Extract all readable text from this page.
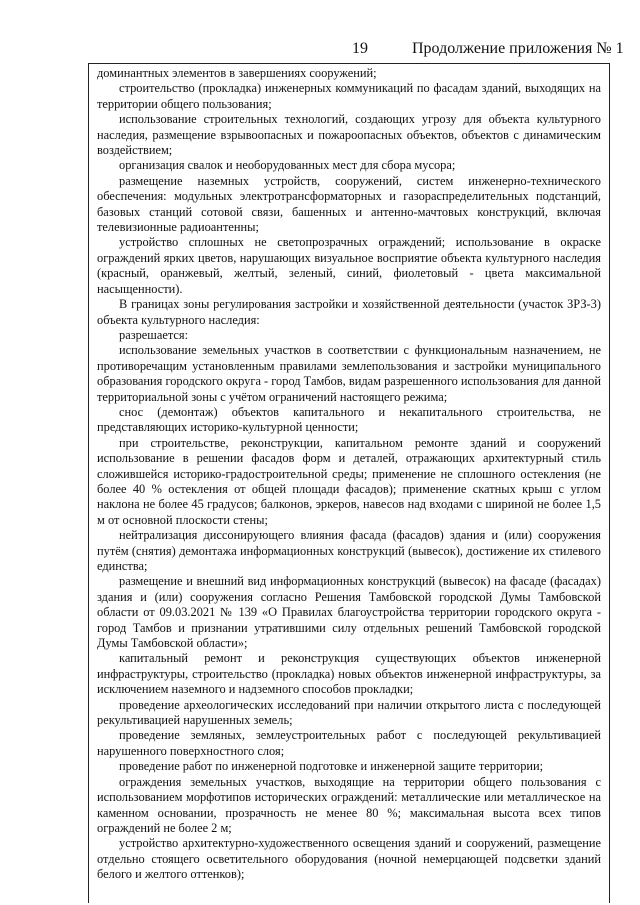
19	Продолжение приложения № 1

доминантных элементов в завершениях сооружений;

строительство (прокладка) инженерных коммуникаций по фасадам зданий, выходящих на территории общего пользования;

использование строительных технологий, создающих угрозу для объекта культурного наследия, размещение взрывоопасных и пожароопасных объектов, объектов с динамическим воздействием;

организация свалок и необорудованных мест для сбора мусора;

размещение наземных устройств, сооружений, систем инженерно-технического обеспечения: модульных электротрансформаторных и газораспределительных подстанций, базовых станций сотовой связи, башенных и антенно-мачтовых конструкций, включая телевизионные радиоантенны;

устройство сплошных не светопрозрачных ограждений; использование в окраске ограждений ярких цветов, нарушающих визуальное восприятие объекта культурного наследия (красный, оранжевый, желтый, зеленый, синий, фиолетовый - цвета максимальной насыщенности).

В границах зоны регулирования застройки и хозяйственной деятельности (участок ЗРЗ-3) объекта культурного наследия:

разрешается:

использование земельных участков в соответствии с функциональным назначением, не противоречащим установленным правилами землепользования и застройки муниципального образования городского округа - город Тамбов, видам разрешенного использования для данной территориальной зоны с учётом ограничений настоящего режима;

снос (демонтаж) объектов капитального и некапитального строительства, не представляющих историко-культурной ценности;

при строительстве, реконструкции, капитальном ремонте зданий и сооружений использование в решении фасадов форм и деталей, отражающих архитектурный стиль сложившейся историко-градостроительной среды; применение не сплошного остекления (не более 40 % остекления от общей площади фасадов); применение скатных крыш с углом наклона не более 45 градусов; балконов, эркеров, навесов над входами с шириной не более 1,5 м от основной плоскости стены;

нейтрализация диссонирующего влияния фасада (фасадов) здания и (или) сооружения путём (снятия) демонтажа информационных конструкций (вывесок), достижение их стилевого единства;

размещение и внешний вид информационных конструкций (вывесок) на фасаде (фасадах) здания и (или) сооружения согласно Решения Тамбовской городской Думы Тамбовской области от 09.03.2021 № 139 «О Правилах благоустройства территории городского округа - город Тамбов и признании утратившими силу отдельных решений Тамбовской городской Думы Тамбовской области»;

капитальный ремонт и реконструкция существующих объектов инженерной инфраструктуры, строительство (прокладка) новых объектов инженерной инфраструктуры, за исключением наземного и надземного способов прокладки;

проведение археологических исследований при наличии открытого листа с последующей рекультивацией нарушенных земель;

проведение земляных, землеустроительных работ с последующей рекультивацией нарушенного поверхностного слоя;

проведение работ по инженерной подготовке и инженерной защите территории;

ограждения земельных участков, выходящие на территории общего пользования с использованием морфотипов исторических ограждений: металлические или металлическое на каменном основании, прозрачность не менее 80 %; максимальная высота всех типов ограждений не более 2 м;

устройство архитектурно-художественного освещения зданий и сооружений, размещение отдельно стоящего осветительного оборудования (ночной немерцающей подсветки зданий белого и желтого оттенков);
